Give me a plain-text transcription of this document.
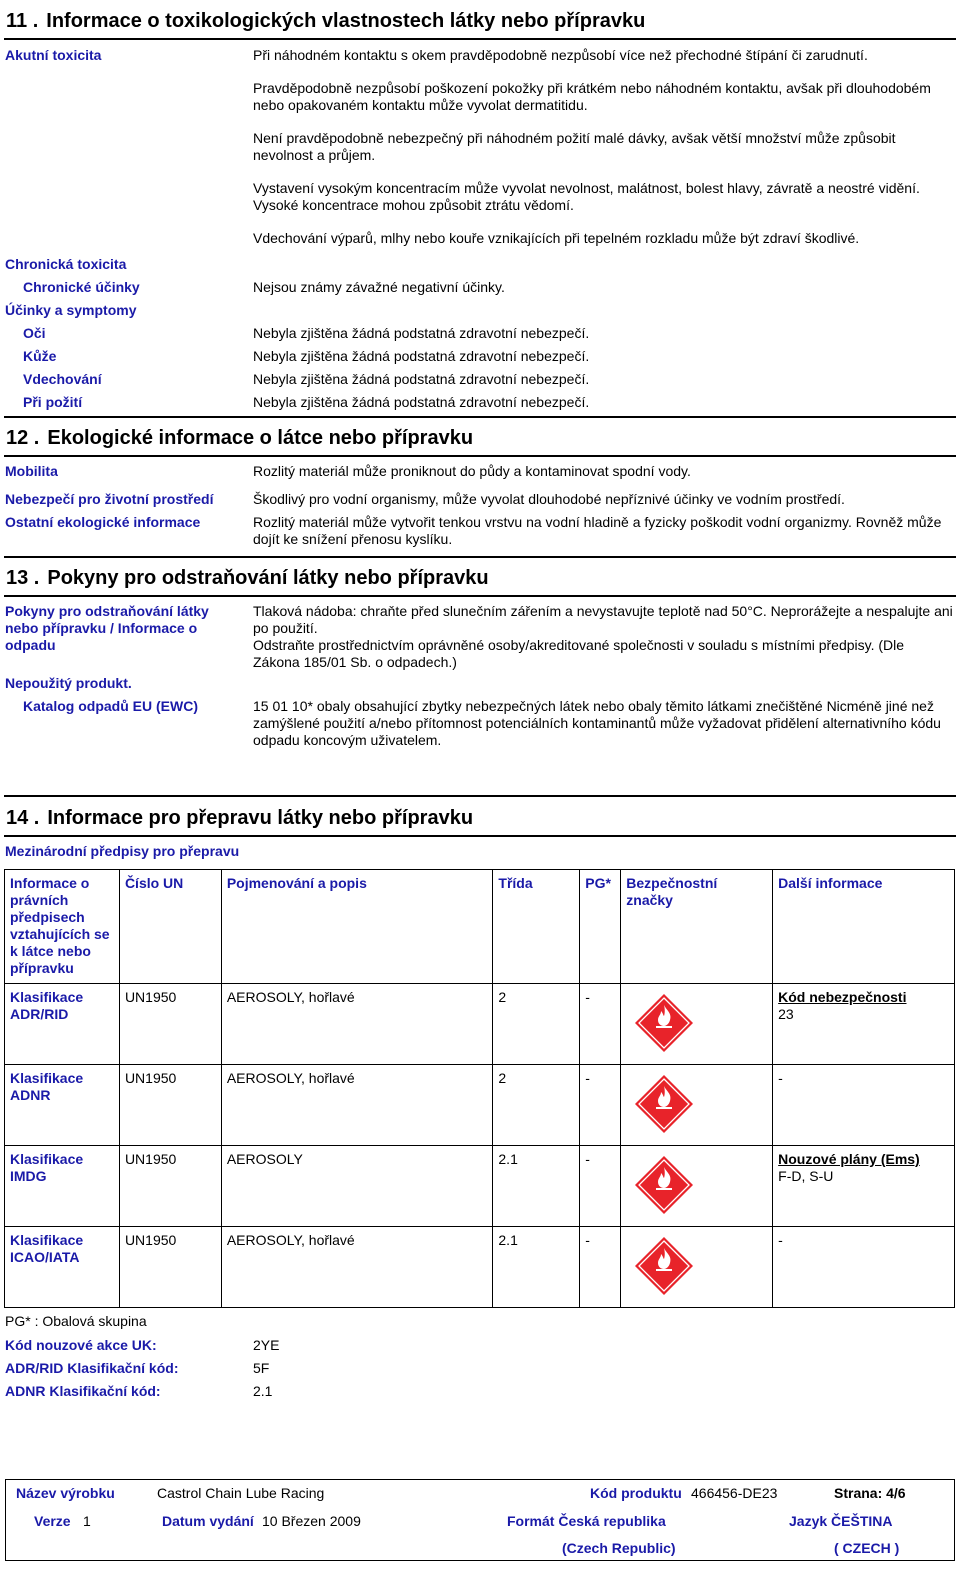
11 . Informace o toxikologických vlastnostech látky nebo přípravku
Akutní toxicita	Při náhodném kontaktu s okem pravděpodobně nezpůsobí více než přechodné štípání či zarudnutí.
Pravděpodobně nezpůsobí poškození pokožky při krátkém nebo náhodném kontaktu, avšak při dlouhodobém nebo opakovaném kontaktu může vyvolat dermatitidu.
Není pravděpodobně nebezpečný při náhodném požití malé dávky, avšak větší množství může způsobit nevolnost a průjem.
Vystavení vysokým koncentracím může vyvolat nevolnost, malátnost, bolest hlavy, závratě a neostré vidění. Vysoké koncentrace mohou způsobit ztrátu vědomí.
Vdechování výparů, mlhy nebo kouře vznikajících při tepelném rozkladu může být zdraví škodlivé.
Chronická toxicita
Chronické účinky	Nejsou známy závažné negativní účinky.
Účinky a symptomy
Oči	Nebyla zjištěna žádná podstatná zdravotní nebezpečí.
Kůže	Nebyla zjištěna žádná podstatná zdravotní nebezpečí.
Vdechování	Nebyla zjištěna žádná podstatná zdravotní nebezpečí.
Při požití	Nebyla zjištěna žádná podstatná zdravotní nebezpečí.
12 . Ekologické informace o látce nebo přípravku
Mobilita	Rozlitý materiál může proniknout do půdy a kontaminovat spodní vody.
Nebezpečí pro životní prostředí	Škodlivý pro vodní organismy, může vyvolat dlouhodobé nepříznivé účinky ve vodním prostředí.
Ostatní ekologické informace	Rozlitý materiál může vytvořit tenkou vrstvu na vodní hladině a fyzicky poškodit vodní organizmy. Rovněž může dojít ke snížení přenosu kyslíku.
13 . Pokyny pro odstraňování látky nebo přípravku
Pokyny pro odstraňování látky nebo přípravku / Informace o odpadu
Tlaková nádoba: chraňte před slunečním zářením a nevystavujte teplotě nad 50°C. Neprorážejte a nespalujte ani po použití.
Odstraňte prostřednictvím oprávněné osoby/akreditované společnosti v souladu s místními předpisy. (Dle Zákona 185/01 Sb. o odpadech.)
Nepoužitý produkt.
Katalog odpadů EU (EWC)	15 01 10* obaly obsahující zbytky nebezpečných látek nebo obaly těmito látkami znečištěné Nicméně jiné než zamýšlené použití a/nebo přítomnost potenciálních kontaminantů může vyžadovat přidělení alternativního kódu odpadu koncovým uživatelem.
14 . Informace pro přepravu látky nebo přípravku
Mezinárodní předpisy pro přepravu
Informace o právních předpisech vztahujících se k látce nebo přípravku	Číslo UN	Pojmenování a popis	Třída	PG*	Bezpečnostní značky	Další informace
Klasifikace ADR/RID	UN1950	AEROSOLY, hořlavé	2	-		Kód nebezpečnosti
23

Klasifikace ADNR	UN1950	AEROSOLY, hořlavé	2	-		-

Klasifikace IMDG	UN1950	AEROSOLY	2.1	-		Nouzové plány (Ems)
F-D, S-U

Klasifikace ICAO/IATA	UN1950	AEROSOLY, hořlavé	2.1	-		-
PG* : Obalová skupina
Kód nouzové akce UK:	2YE
ADR/RID Klasifikační kód:	5F
ADNR Klasifikační kód:	2.1
Název výrobku	Castrol Chain Lube Racing	Kód produktu 466456-DE23	Strana: 4/6
Verze 1	Datum vydání 10 Březen 2009	Formát Česká republika
(Czech Republic)
Jazyk ČEŠTINA
( CZECH )
